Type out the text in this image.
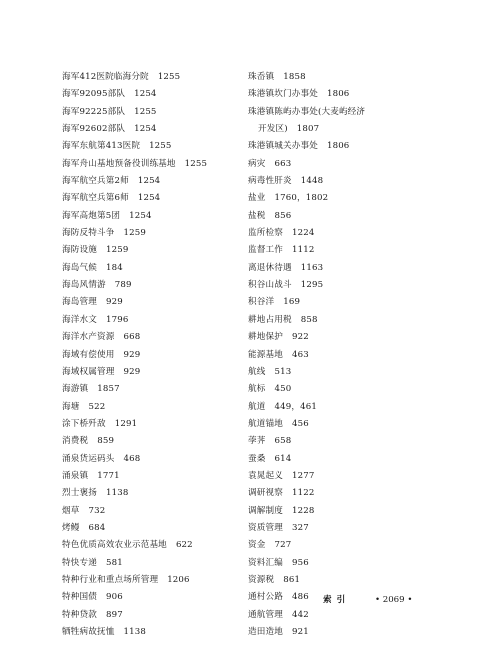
海军412医院临海分院 1255
海军92095部队 1254
海军92225部队 1255
海军92602部队 1254
海军东航第413医院 1255
海军舟山基地预备役训练基地 1255
海军航空兵第2师 1254
海军航空兵第6师 1254
海军高炮第5团 1254
海防反特斗争 1259
海防设施 1259
海岛气候 184
海岛风情游 789
海岛管理 929
海洋水文 1796
海洋水产资源 668
海域有偿使用 929
海域权属管理 929
海游镇 1857
海塘 522
涂下桥歼敌 1291
消费税 859
涌泉货运码头 468
涌泉镇 1771
烈士褒扬 1138
烟草 732
烤鳗 684
特色优质高效农业示范基地 622
特快专递 581
特种行业和重点场所管理 1206
特种国债 906
特种贷款 897
牺牲病故抚恤 1138
珠岙镇 1858
珠港镇坎门办事处 1806
珠港镇陈屿办事处(大麦屿经济
开发区) 1807
珠港镇城关办事处 1806
病灾 663
病毒性肝炎 1448
盐业 1760，1802
盐税 856
监所检察 1224
监督工作 1112
离退休待遇 1163
积谷山战斗 1295
积谷洋 169
耕地占用税 858
耕地保护 922
能源基地 463
航线 513
航标 450
航道 449，461
航道锚地 456
荸荠 658
蚕桑 614
袁晁起义 1277
调研视察 1122
调解制度 1228
资质管理 327
资金 727
资料汇编 956
资源税 861
通村公路 486
通航管理 442
造田造地 921
索引	• 2069 •
